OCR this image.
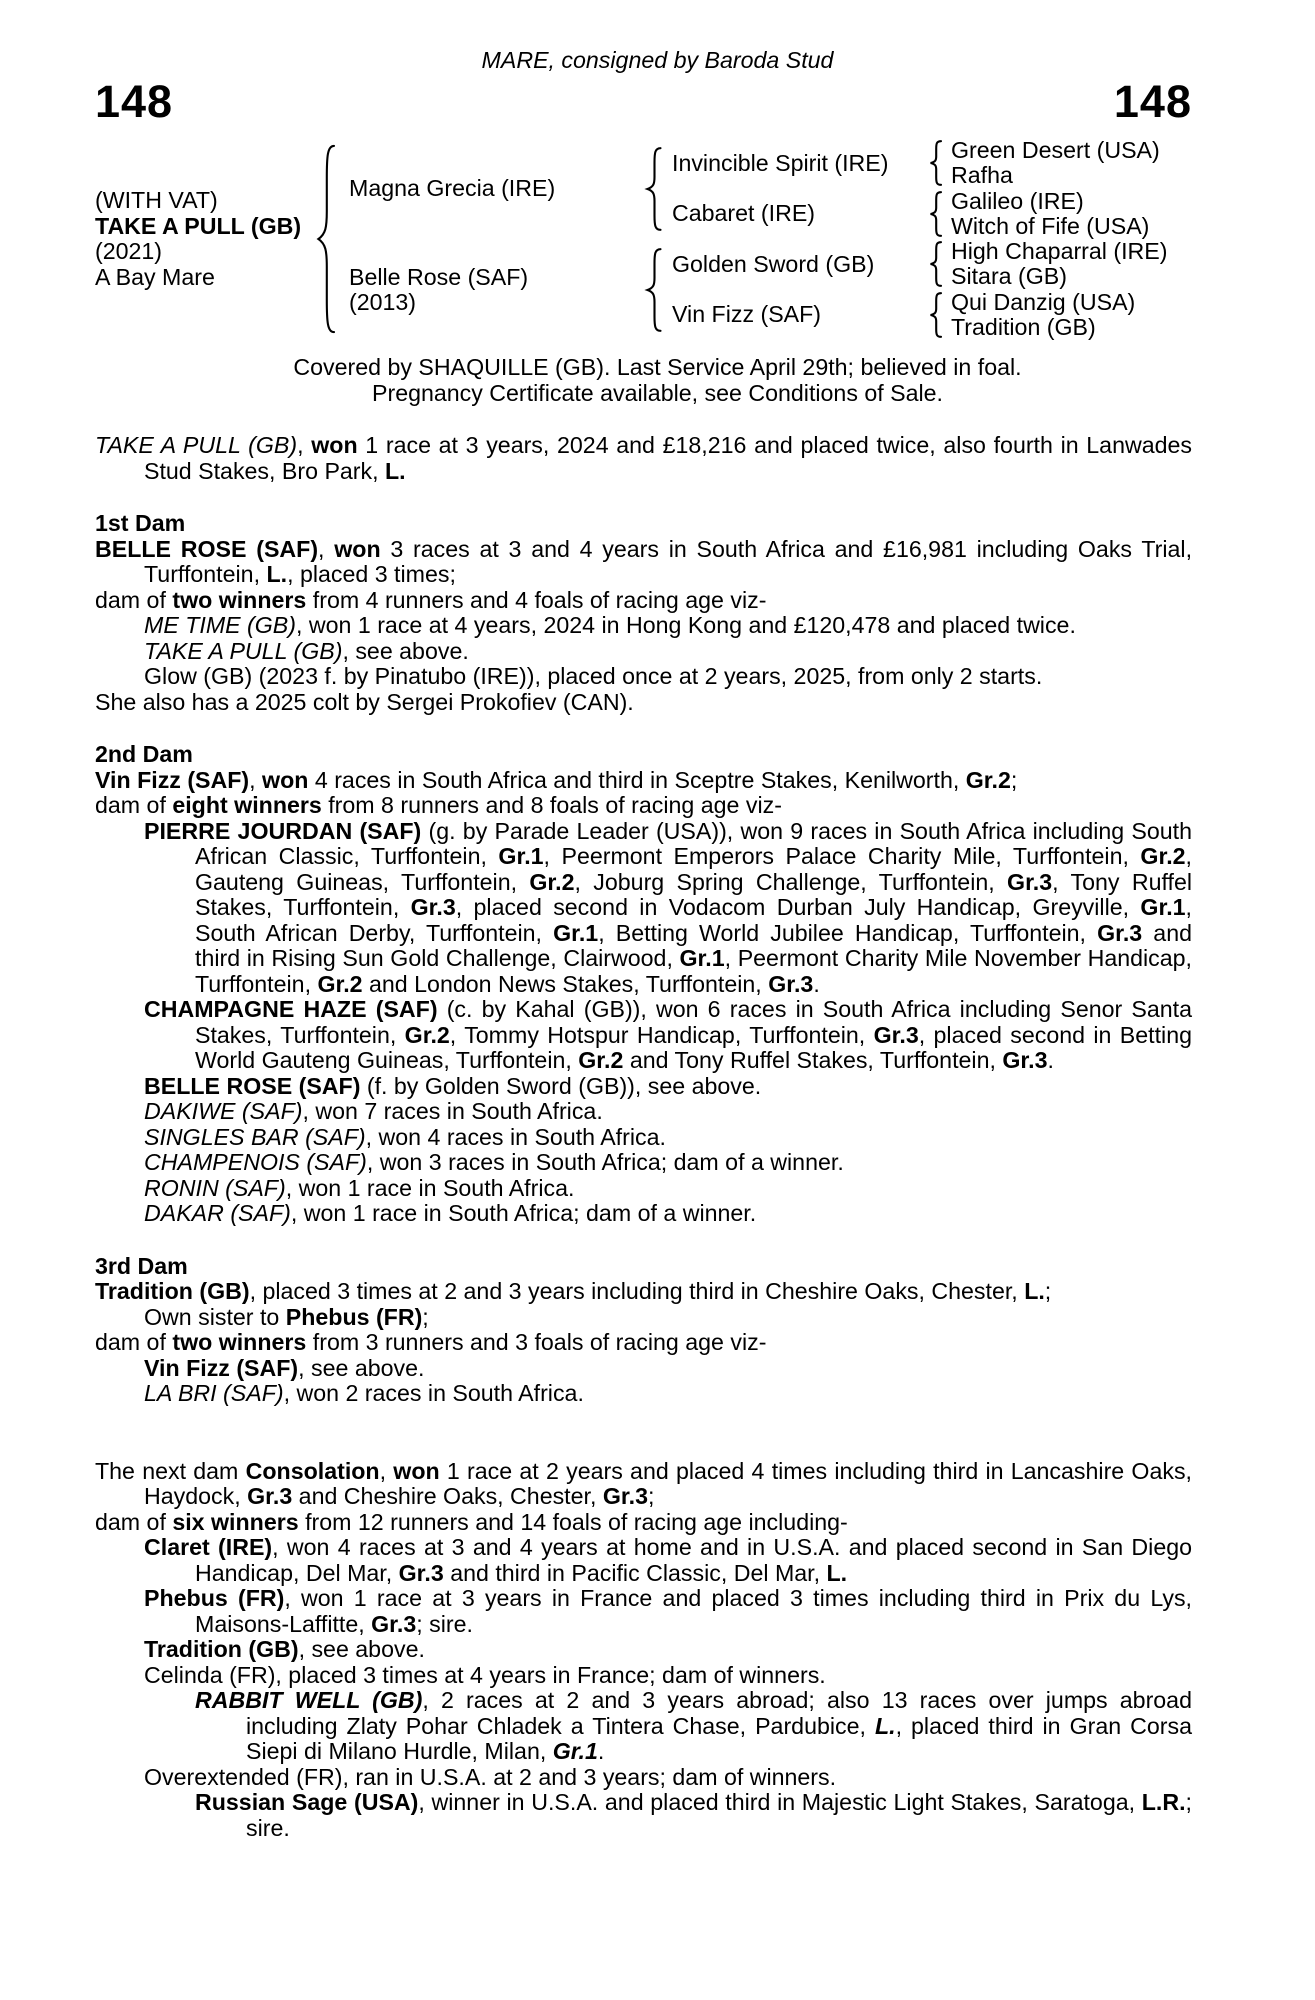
MARE, consigned by Baroda Stud
148	148
(WITH VAT)
TAKE A PULL (GB)
(2021)
A Bay Mare
Magna Grecia (IRE)
Belle Rose (SAF)
(2013)
Invincible Spirit (IRE)
Cabaret (IRE)
Golden Sword (GB)
Vin Fizz (SAF)
Green Desert (USA)
Rafha
Galileo (IRE)
Witch of Fife (USA)
High Chaparral (IRE)
Sitara (GB)
Qui Danzig (USA)
Tradition (GB)
Covered by SHAQUILLE (GB). Last Service April 29th; believed in foal.
Pregnancy Certificate available, see Conditions of Sale.

TAKE A PULL (GB), won 1 race at 3 years, 2024 and £18,216 and placed twice, also fourth in Lanwades Stud Stakes, Bro Park, L.

1st Dam

BELLE ROSE (SAF), won 3 races at 3 and 4 years in South Africa and £16,981 including Oaks Trial, Turffontein, L., placed 3 times;

dam of two winners from 4 runners and 4 foals of racing age viz-

ME TIME (GB), won 1 race at 4 years, 2024 in Hong Kong and £120,478 and placed twice.

TAKE A PULL (GB), see above.

Glow (GB) (2023 f. by Pinatubo (IRE)), placed once at 2 years, 2025, from only 2 starts.

She also has a 2025 colt by Sergei Prokofiev (CAN).

2nd Dam

Vin Fizz (SAF), won 4 races in South Africa and third in Sceptre Stakes, Kenilworth, Gr.2;

dam of eight winners from 8 runners and 8 foals of racing age viz-

PIERRE JOURDAN (SAF) (g. by Parade Leader (USA)), won 9 races in South Africa including South African Classic, Turffontein, Gr.1, Peermont Emperors Palace Charity Mile, Turffontein, Gr.2, Gauteng Guineas, Turffontein, Gr.2, Joburg Spring Challenge, Turffontein, Gr.3, Tony Ruffel Stakes, Turffontein, Gr.3, placed second in Vodacom Durban July Handicap, Greyville, Gr.1, South African Derby, Turffontein, Gr.1, Betting World Jubilee Handicap, Turffontein, Gr.3 and third in Rising Sun Gold Challenge, Clairwood, Gr.1, Peermont Charity Mile November Handicap, Turffontein, Gr.2 and London News Stakes, Turffontein, Gr.3.

CHAMPAGNE HAZE (SAF) (c. by Kahal (GB)), won 6 races in South Africa including Senor Santa Stakes, Turffontein, Gr.2, Tommy Hotspur Handicap, Turffontein, Gr.3, placed second in Betting World Gauteng Guineas, Turffontein, Gr.2 and Tony Ruffel Stakes, Turffontein, Gr.3.

BELLE ROSE (SAF) (f. by Golden Sword (GB)), see above.

DAKIWE (SAF), won 7 races in South Africa.

SINGLES BAR (SAF), won 4 races in South Africa.

CHAMPENOIS (SAF), won 3 races in South Africa; dam of a winner.

RONIN (SAF), won 1 race in South Africa.

DAKAR (SAF), won 1 race in South Africa; dam of a winner.

3rd Dam

Tradition (GB), placed 3 times at 2 and 3 years including third in Cheshire Oaks, Chester, L.;

Own sister to Phebus (FR);

dam of two winners from 3 runners and 3 foals of racing age viz-

Vin Fizz (SAF), see above.

LA BRI (SAF), won 2 races in South Africa.

The next dam Consolation, won 1 race at 2 years and placed 4 times including third in Lancashire Oaks, Haydock, Gr.3 and Cheshire Oaks, Chester, Gr.3;

dam of six winners from 12 runners and 14 foals of racing age including-

Claret (IRE), won 4 races at 3 and 4 years at home and in U.S.A. and placed second in San Diego Handicap, Del Mar, Gr.3 and third in Pacific Classic, Del Mar, L.

Phebus (FR), won 1 race at 3 years in France and placed 3 times including third in Prix du Lys, Maisons-Laffitte, Gr.3; sire.

Tradition (GB), see above.

Celinda (FR), placed 3 times at 4 years in France; dam of winners.

RABBIT WELL (GB), 2 races at 2 and 3 years abroad; also 13 races over jumps abroad including Zlaty Pohar Chladek a Tintera Chase, Pardubice, L., placed third in Gran Corsa Siepi di Milano Hurdle, Milan, Gr.1.

Overextended (FR), ran in U.S.A. at 2 and 3 years; dam of winners.

Russian Sage (USA), winner in U.S.A. and placed third in Majestic Light Stakes, Saratoga, L.R.; sire.
